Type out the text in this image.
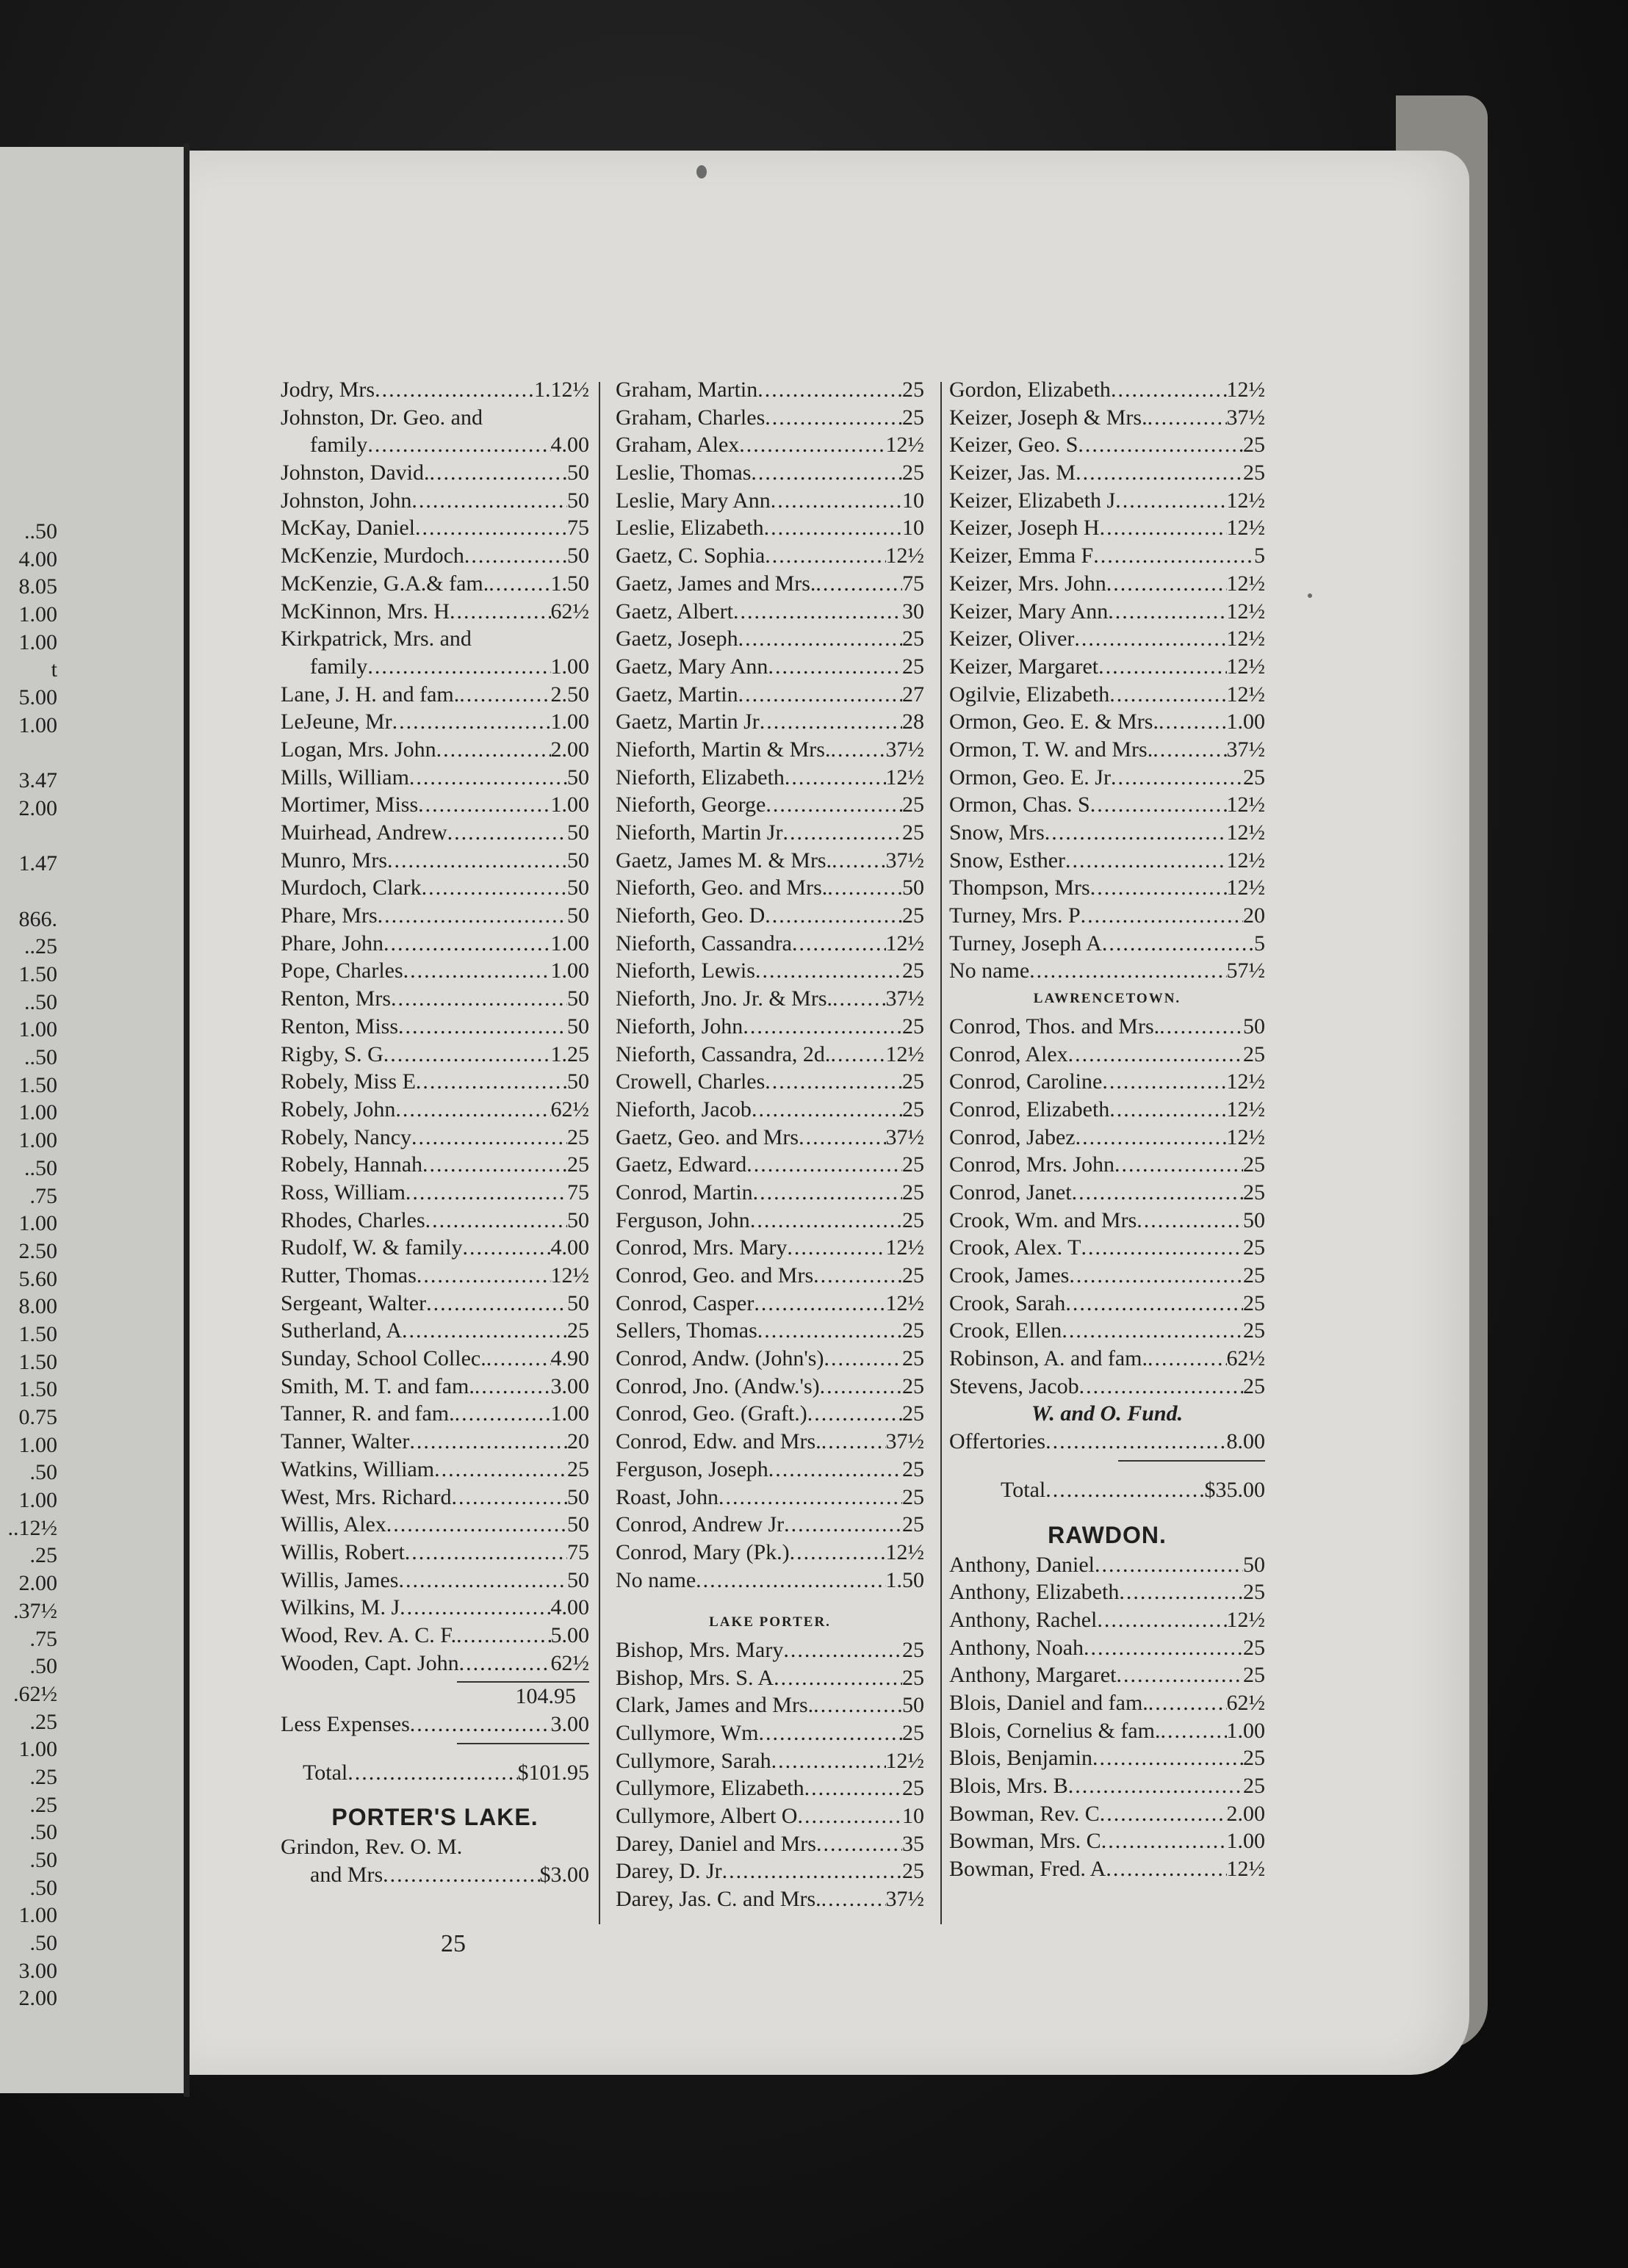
..50
4.00
8.05
1.00
1.00
t
5.00
1.00
3.47
2.00
1.47
866.
..25
1.50
..50
1.00
..50
1.50
1.00
1.00
..50
.75
1.00
2.50
5.60
8.00
1.50
1.50
1.50
0.75
1.00
.50
1.00
..12½
.25
2.00
.37½
.75
.50
.62½
.25
1.00
.25
.25
.50
.50
.50
1.00
.50
3.00
2.00
Jodry, Mrs .....	1.12½
Johnston, Dr. Geo. and
family .....	4.00
Johnston, David. .....	50
Johnston, John .....	50
McKay, Daniel .....	75
McKenzie, Murdoch .....	50
McKenzie, G.A.& fam. .....	1.50
McKinnon, Mrs. H .....	62½
Kirkpatrick, Mrs. and
family .....	1.00
Lane, J. H. and fam. .....	2.50
LeJeune, Mr .....	1.00
Logan, Mrs. John .....	2.00
Mills, William .....	50
Mortimer, Miss .....	1.00
Muirhead, Andrew .....	50
Munro, Mrs .....	50
Murdoch, Clark .....	50
Phare, Mrs .....	50
Phare, John .....	1.00
Pope, Charles .....	1.00
Renton, Mrs .....	50
Renton, Miss .....	50
Rigby, S. G .....	1.25
Robely, Miss E .....	50
Robely, John .....	62½
Robely, Nancy .....	25
Robely, Hannah .....	25
Ross, William .....	75
Rhodes, Charles .....	50
Rudolf, W. & family .....	4.00
Rutter, Thomas .....	12½
Sergeant, Walter .....	50
Sutherland, A .....	25
Sunday, School Collec. .....	4.90
Smith, M. T. and fam. .....	3.00
Tanner, R. and fam. .....	1.00
Tanner, Walter .....	20
Watkins, William .....	25
West, Mrs. Richard .....	50
Willis, Alex .....	50
Willis, Robert .....	75
Willis, James .....	50
Wilkins, M. J .....	4.00
Wood, Rev. A. C. F. .....	5.00
Wooden, Capt. John .....	62½
104.95
Less Expenses .....	3.00
Total .....	$101.95
PORTER'S LAKE.
Grindon, Rev. O. M.
and Mrs .....	$3.00
Graham, Martin .....	25
Graham, Charles .....	25
Graham, Alex .....	12½
Leslie, Thomas .....	25
Leslie, Mary Ann .....	10
Leslie, Elizabeth .....	10
Gaetz, C. Sophia .....	12½
Gaetz, James and Mrs. .....	75
Gaetz, Albert .....	30
Gaetz, Joseph .....	25
Gaetz, Mary Ann .....	25
Gaetz, Martin .....	27
Gaetz, Martin Jr .....	28
Nieforth, Martin & Mrs. .....	37½
Nieforth, Elizabeth .....	12½
Nieforth, George .....	25
Nieforth, Martin Jr .....	25
Gaetz, James M. & Mrs. ..... 37½
Nieforth, Geo. and Mrs. .....	50
Nieforth, Geo. D .....	25
Nieforth, Cassandra .....	12½
Nieforth, Lewis .....	25
Nieforth, Jno. Jr. & Mrs. ..... 37½
Nieforth, John .....	25
Nieforth, Cassandra, 2d. .....	12½
Crowell, Charles .....	25
Nieforth, Jacob .....	25
Gaetz, Geo. and Mrs .....	37½
Gaetz, Edward .....	25
Conrod, Martin .....	25
Ferguson, John .....	25
Conrod, Mrs. Mary .....	12½
Conrod, Geo. and Mrs .....	25
Conrod, Casper .....	12½
Sellers, Thomas .....	25
Conrod, Andw. (John's) .....	25
Conrod, Jno. (Andw.'s) .....	25
Conrod, Geo. (Graft.) .....	25
Conrod, Edw. and Mrs. .....	37½
Ferguson, Joseph .....	25
Roast, John .....	25
Conrod, Andrew Jr .....	25
Conrod, Mary (Pk.) .....	12½
No name .....	1.50
LAKE PORTER.
Bishop, Mrs. Mary .....	25
Bishop, Mrs. S. A .....	25
Clark, James and Mrs. .....	50
Cullymore, Wm .....	25
Cullymore, Sarah .....	12½
Cullymore, Elizabeth .....	25
Cullymore, Albert O .....	10
Darey, Daniel and Mrs .....	35
Darey, D. Jr .....	25
Darey, Jas. C. and Mrs. .....	37½
Gordon, Elizabeth .....	12½
Keizer, Joseph & Mrs. .....	37½
Keizer, Geo. S .....	25
Keizer, Jas. M .....	25
Keizer, Elizabeth J .....	12½
Keizer, Joseph H .....	12½
Keizer, Emma F .....	5
Keizer, Mrs. John .....	12½
Keizer, Mary Ann .....	12½
Keizer, Oliver .....	12½
Keizer, Margaret .....	12½
Ogilvie, Elizabeth .....	12½
Ormon, Geo. E. & Mrs. .....	1.00
Ormon, T. W. and Mrs. .....	37½
Ormon, Geo. E. Jr .....	25
Ormon, Chas. S .....	12½
Snow, Mrs .....	12½
Snow, Esther .....	12½
Thompson, Mrs .....	12½
Turney, Mrs. P .....	20
Turney, Joseph A .....	5
No name .....	57½
LAWRENCETOWN.
Conrod, Thos. and Mrs. .....	50
Conrod, Alex .....	25
Conrod, Caroline .....	12½
Conrod, Elizabeth .....	12½
Conrod, Jabez .....	12½
Conrod, Mrs. John .....	25
Conrod, Janet .....	25
Crook, Wm. and Mrs .....	50
Crook, Alex. T .....	25
Crook, James .....	25
Crook, Sarah .....	25
Crook, Ellen .....	25
Robinson, A. and fam. .....	62½
Stevens, Jacob .....	25
W. and O. Fund.
Offertories .....	8.00
Total .....	$35.00
RAWDON.
Anthony, Daniel .....	50
Anthony, Elizabeth .....	25
Anthony, Rachel .....	12½
Anthony, Noah .....	25
Anthony, Margaret .....	25
Blois, Daniel and fam. .....	62½
Blois, Cornelius & fam. .....	1.00
Blois, Benjamin .....	25
Blois, Mrs. B .....	25
Bowman, Rev. C .....	2.00
Bowman, Mrs. C .....	1.00
Bowman, Fred. A .....	12½
25
